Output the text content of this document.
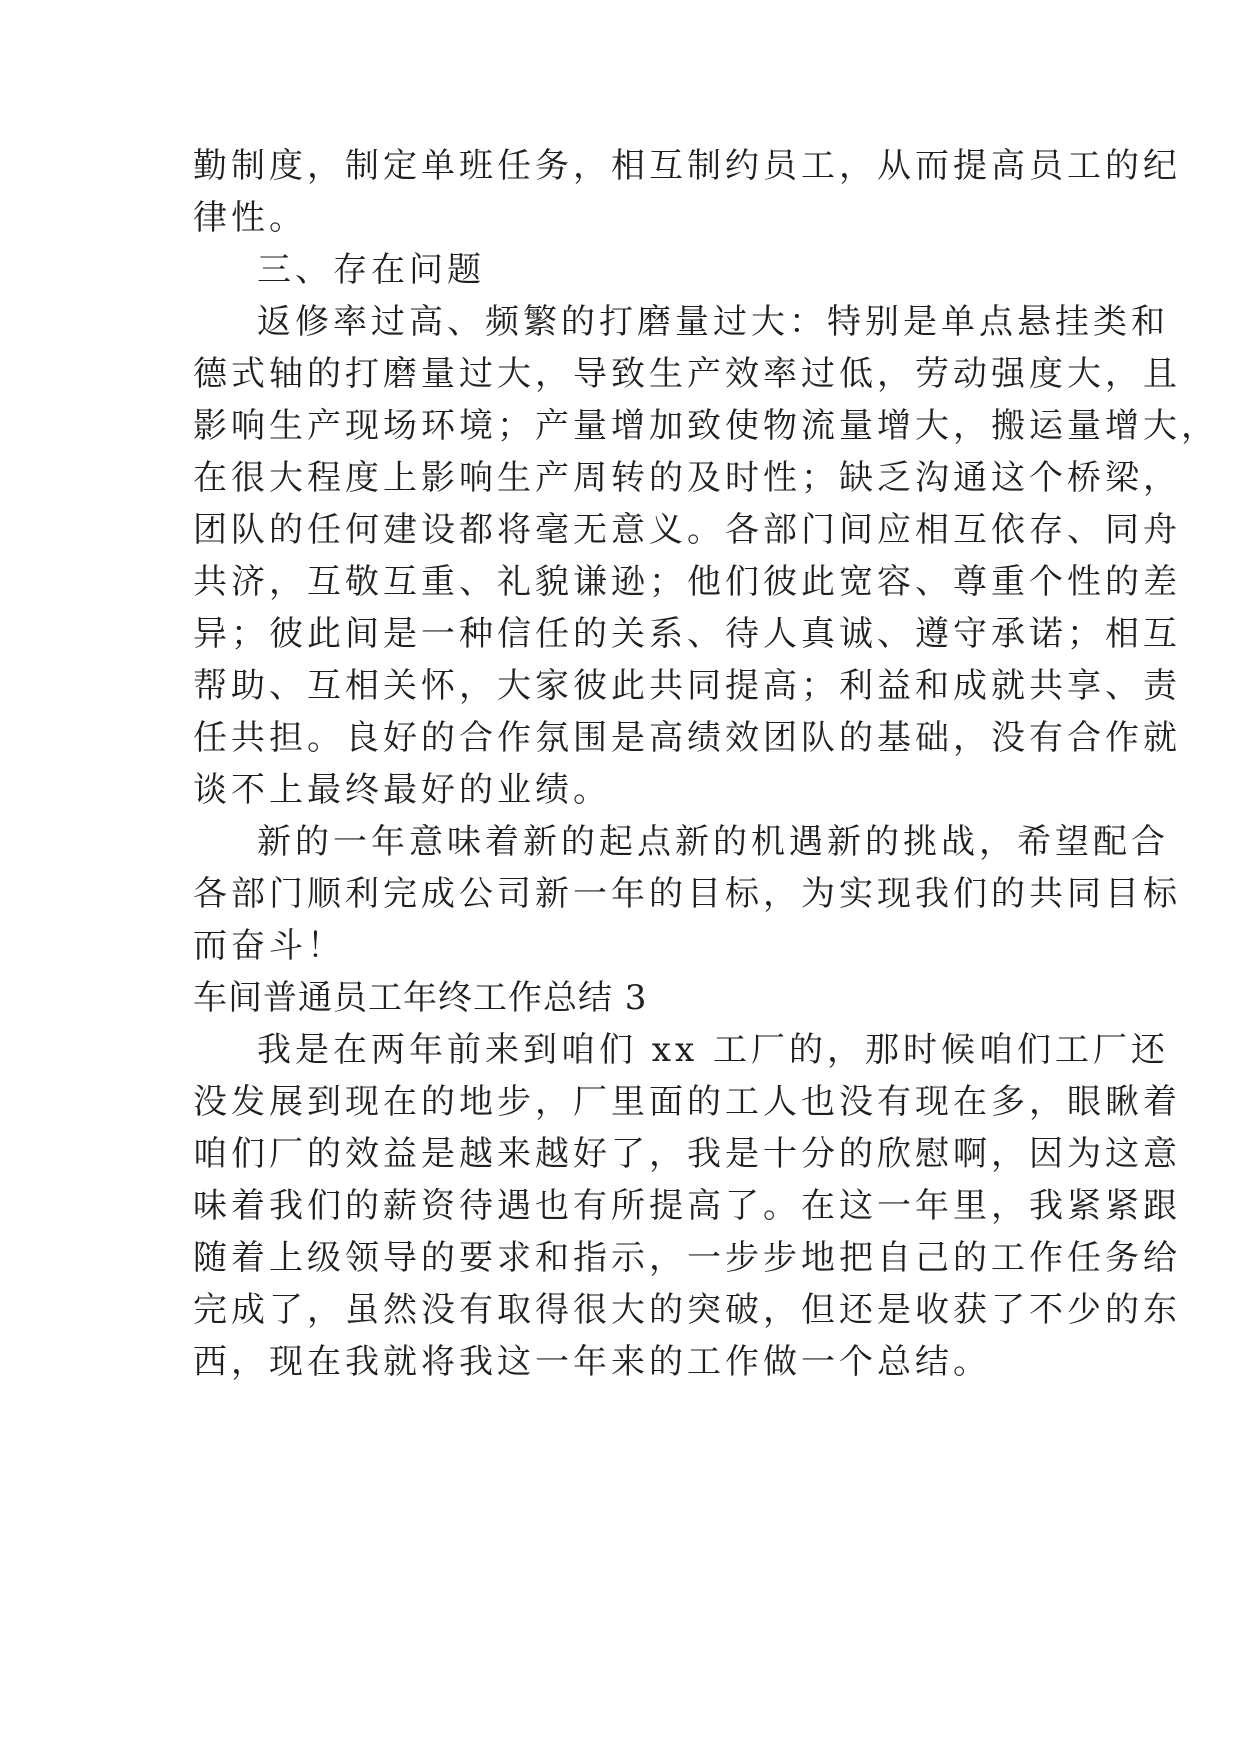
勤制度，制定单班任务，相互制约员工，从而提高员工的纪
律性。
三、存在问题
返修率过高、频繁的打磨量过大：特别是单点悬挂类和
德式轴的打磨量过大，导致生产效率过低，劳动强度大，且
影响生产现场环境；产量增加致使物流量增大，搬运量增大，
在很大程度上影响生产周转的及时性；缺乏沟通这个桥梁，
团队的任何建设都将毫无意义。各部门间应相互依存、同舟
共济，互敬互重、礼貌谦逊；他们彼此宽容、尊重个性的差
异；彼此间是一种信任的关系、待人真诚、遵守承诺；相互
帮助、互相关怀，大家彼此共同提高；利益和成就共享、责
任共担。良好的合作氛围是高绩效团队的基础，没有合作就
谈不上最终最好的业绩。
新的一年意味着新的起点新的机遇新的挑战，希望配合
各部门顺利完成公司新一年的目标，为实现我们的共同目标
而奋斗！
车间普通员工年终工作总结 3
我是在两年前来到咱们 xx 工厂的，那时候咱们工厂还
没发展到现在的地步，厂里面的工人也没有现在多，眼瞅着
咱们厂的效益是越来越好了，我是十分的欣慰啊，因为这意
味着我们的薪资待遇也有所提高了。在这一年里，我紧紧跟
随着上级领导的要求和指示，一步步地把自己的工作任务给
完成了，虽然没有取得很大的突破，但还是收获了不少的东
西，现在我就将我这一年来的工作做一个总结。
